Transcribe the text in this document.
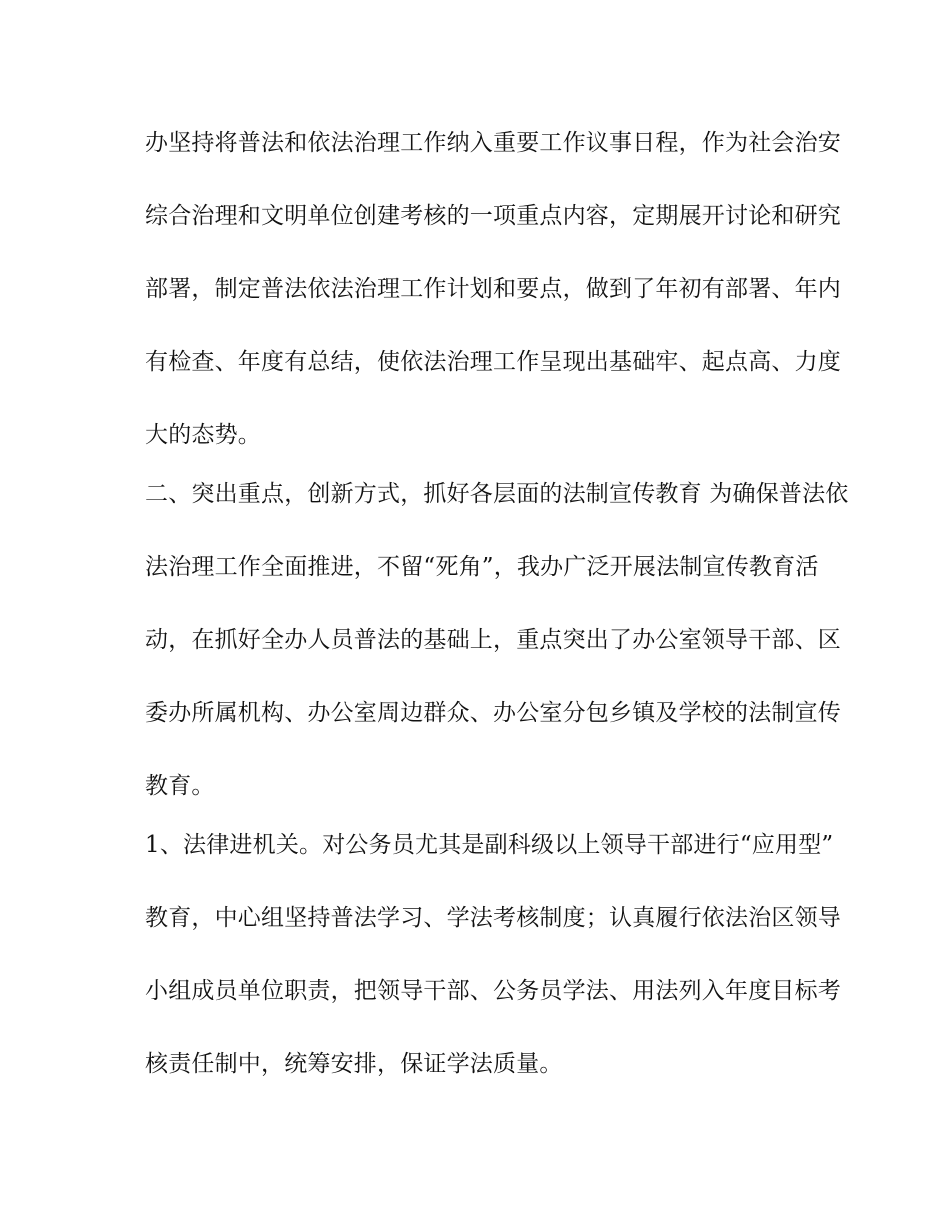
办坚持将普法和依法治理工作纳入重要工作议事日程，作为社会治安
综合治理和文明单位创建考核的一项重点内容，定期展开讨论和研究
部署，制定普法依法治理工作计划和要点，做到了年初有部署、年内
有检查、年度有总结，使依法治理工作呈现出基础牢、起点高、力度
大的态势。
二、突出重点，创新方式，抓好各层面的法制宣传教育 为确保普法依
法治理工作全面推进，不留“死角”，我办广泛开展法制宣传教育活
动，在抓好全办人员普法的基础上，重点突出了办公室领导干部、区
委办所属机构、办公室周边群众、办公室分包乡镇及学校的法制宣传
教育。
1、法律进机关。对公务员尤其是副科级以上领导干部进行“应用型”
教育，中心组坚持普法学习、学法考核制度；认真履行依法治区领导
小组成员单位职责，把领导干部、公务员学法、用法列入年度目标考
核责任制中，统筹安排，保证学法质量。
